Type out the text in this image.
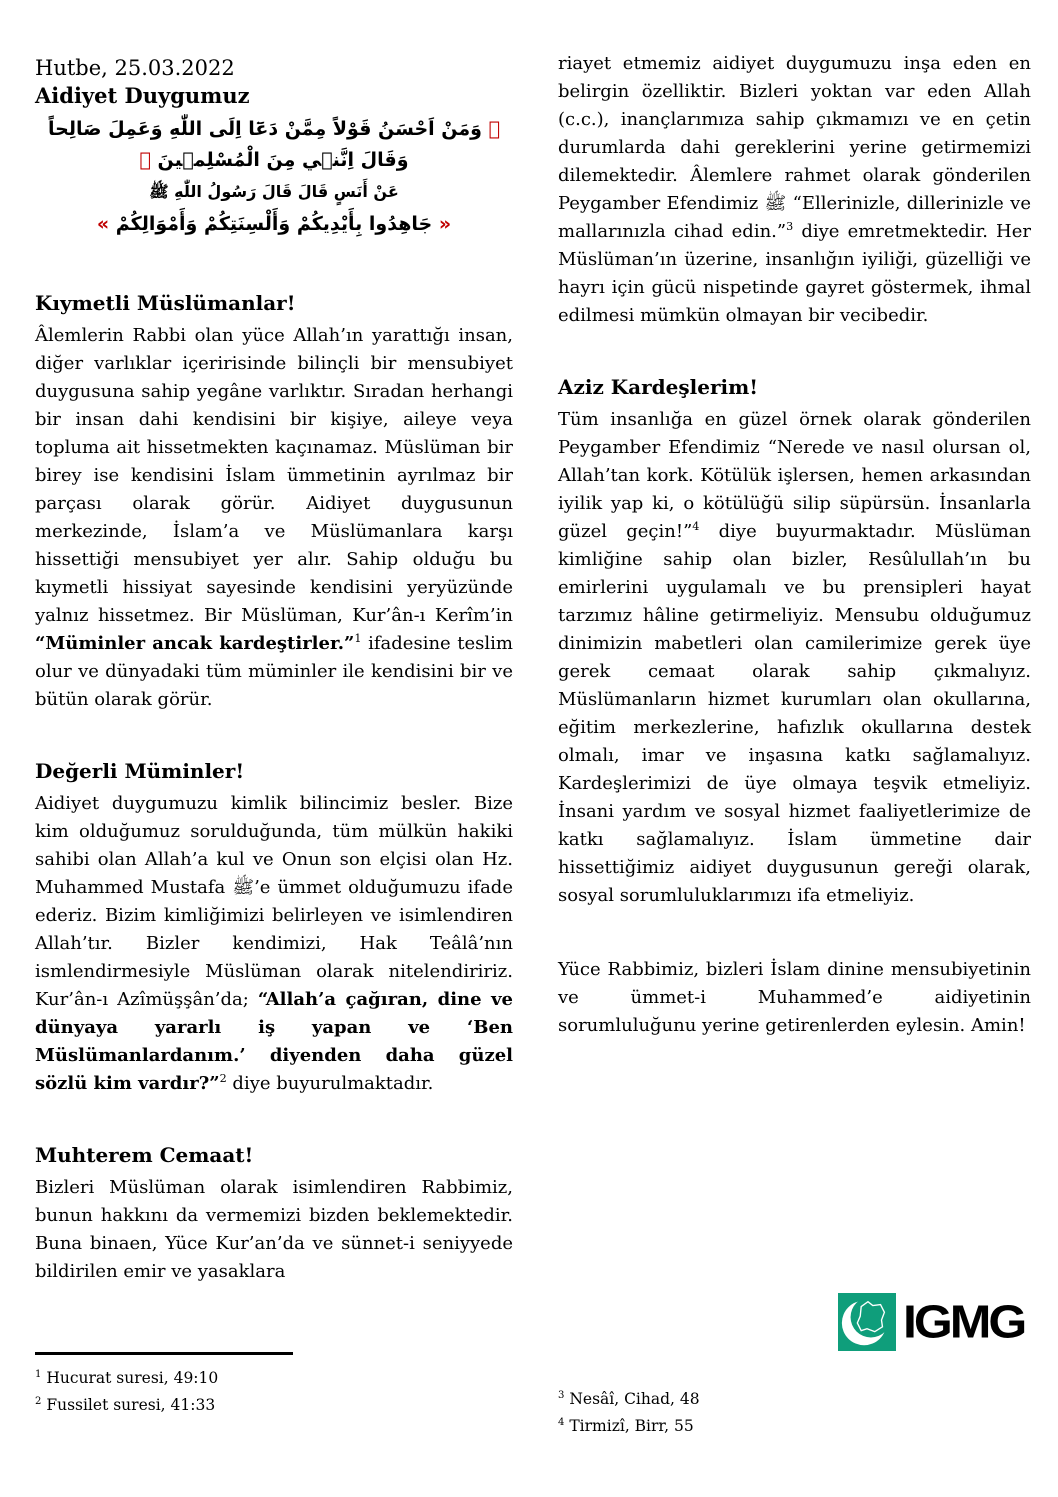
Hutbe, 25.03.2022
Aidiyet Duygumuz
﴿ وَمَنْ اَحْسَنُ قَوْلاً مِمَّنْ دَعَٓا اِلَى اللّٰهِ وَعَمِلَ صَالِحاً وَقَالَ اِنَّنٖي مِنَ الْمُسْلِمٖينَ ﴾
عَنْ أَنَسٍ قَالَ قَالَ رَسُولُ اللّٰهِ ﷺ
« جَاهِدُوا بِأَيْدِيكُمْ وَأَلْسِنَتِكُمْ وَأَمْوَالِكُمْ »
Kıymetli Müslümanlar!
Âlemlerin Rabbi olan yüce Allah’ın yarattığı insan, diğer varlıklar içeririsinde bilinçli bir mensubiyet duygusuna sahip yegâne varlıktır. Sıradan herhangi bir insan dahi kendisini bir kişiye, aileye veya topluma ait hissetmekten kaçınamaz. Müslüman bir birey ise kendisini İslam ümmetinin ayrılmaz bir parçası olarak görür. Aidiyet duygusunun merkezinde, İslam’a ve Müslümanlara karşı hissettiği mensubiyet yer alır. Sahip olduğu bu kıymetli hissiyat sayesinde kendisini yeryüzünde yalnız hissetmez. Bir Müslüman, Kur’ân-ı Kerîm’in “Müminler ancak kardeştirler.”$^1$ ifadesine teslim olur ve dünyadaki tüm müminler ile kendisini bir ve bütün olarak görür.
Değerli Müminler!
Aidiyet duygumuzu kimlik bilincimiz besler. Bize kim olduğumuz sorulduğunda, tüm mülkün hakiki sahibi olan Allah’a kul ve Onun son elçisi olan Hz. Muhammed Mustafa ﷺ’e ümmet olduğumuzu ifade ederiz. Bizim kimliğimizi belirleyen ve isimlendiren Allah’tır. Bizler kendimizi, Hak Teâlâ’nın ismlendirmesiyle Müslüman olarak nitelendiririz. Kur’ân-ı Azîmüşşân’da; “Allah’a çağıran, dine ve dünyaya yararlı iş yapan ve ‘Ben Müslümanlardanım.’ diyenden daha güzel sözlü kim vardır?”$^2$ diye buyurulmaktadır.
Muhterem Cemaat!
Bizleri Müslüman olarak isimlendiren Rabbimiz, bunun hakkını da vermemizi bizden beklemektedir. Buna binaen, Yüce Kur’an’da ve sünnet-i seniyyede bildirilen emir ve yasaklara
riayet etmemiz aidiyet duygumuzu inşa eden en belirgin özelliktir. Bizleri yoktan var eden Allah (c.c.), inançlarımıza sahip çıkmamızı ve en çetin durumlarda dahi gereklerini yerine getirmemizi dilemektedir. Âlemlere rahmet olarak gönderilen Peygamber Efendimiz ﷺ “Ellerinizle, dillerinizle ve mallarınızla cihad edin.”$^3$ diye emretmektedir. Her Müslüman’ın üzerine, insanlığın iyiliği, güzelliği ve hayrı için gücü nispetinde gayret göstermek, ihmal edilmesi mümkün olmayan bir vecibedir.
Aziz Kardeşlerim!
Tüm insanlığa en güzel örnek olarak gönderilen Peygamber Efendimiz “Nerede ve nasıl olursan ol, Allah’tan kork. Kötülük işlersen, hemen arkasından iyilik yap ki, o kötülüğü silip süpürsün. İnsanlarla güzel geçin!”$^4$ diye buyurmaktadır. Müslüman kimliğine sahip olan bizler, Resûlullah’ın bu emirlerini uygulamalı ve bu prensipleri hayat tarzımız hâline getirmeliyiz. Mensubu olduğumuz dinimizin mabetleri olan camilerimize gerek üye gerek cemaat olarak sahip çıkmalıyız. Müslümanların hizmet kurumları olan okullarına, eğitim merkezlerine, hafızlık okullarına destek olmalı, imar ve inşasına katkı sağlamalıyız. Kardeşlerimizi de üye olmaya teşvik etmeliyiz. İnsani yardım ve sosyal hizmet faaliyetlerimize de katkı sağlamalıyız. İslam ümmetine dair hissettiğimiz aidiyet duygusunun gereği olarak, sosyal sorumluluklarımızı ifa etmeliyiz.
Yüce Rabbimiz, bizleri İslam dinine mensubiyetinin ve ümmet-i Muhammed’e aidiyetinin sorumluluğunu yerine getirenlerden eylesin. Amin!
$^1$ Hucurat suresi, 49:10
$^2$ Fussilet suresi, 41:33
$^3$ Nesâî, Cihad, 48
$^4$ Tirmizî, Birr, 55
IGMG
